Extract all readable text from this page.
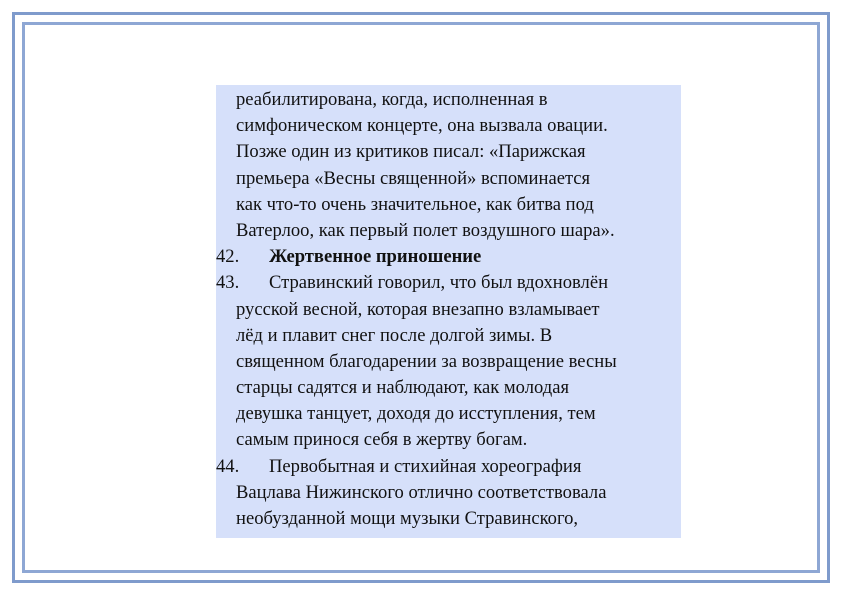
реабилитирована, когда, исполненная в
симфоническом концерте, она вызвала овации.
Позже один из критиков писал: «Парижская
премьера «Весны священной» вспоминается
как что-то очень значительное, как битва под
Ватерлоо, как первый полет воздушного шара».
42. Жертвенное приношение
43. Стравинский говорил, что был вдохновлён
русской весной, которая внезапно взламывает
лёд и плавит снег после долгой зимы. В
священном благодарении за возвращение весны
старцы садятся и наблюдают, как молодая
девушка танцует, доходя до исступления, тем
самым принося себя в жертву богам.
44. Первобытная и стихийная хореография
Вацлава Нижинского отлично соответствовала
необузданной мощи музыки Стравинского,
